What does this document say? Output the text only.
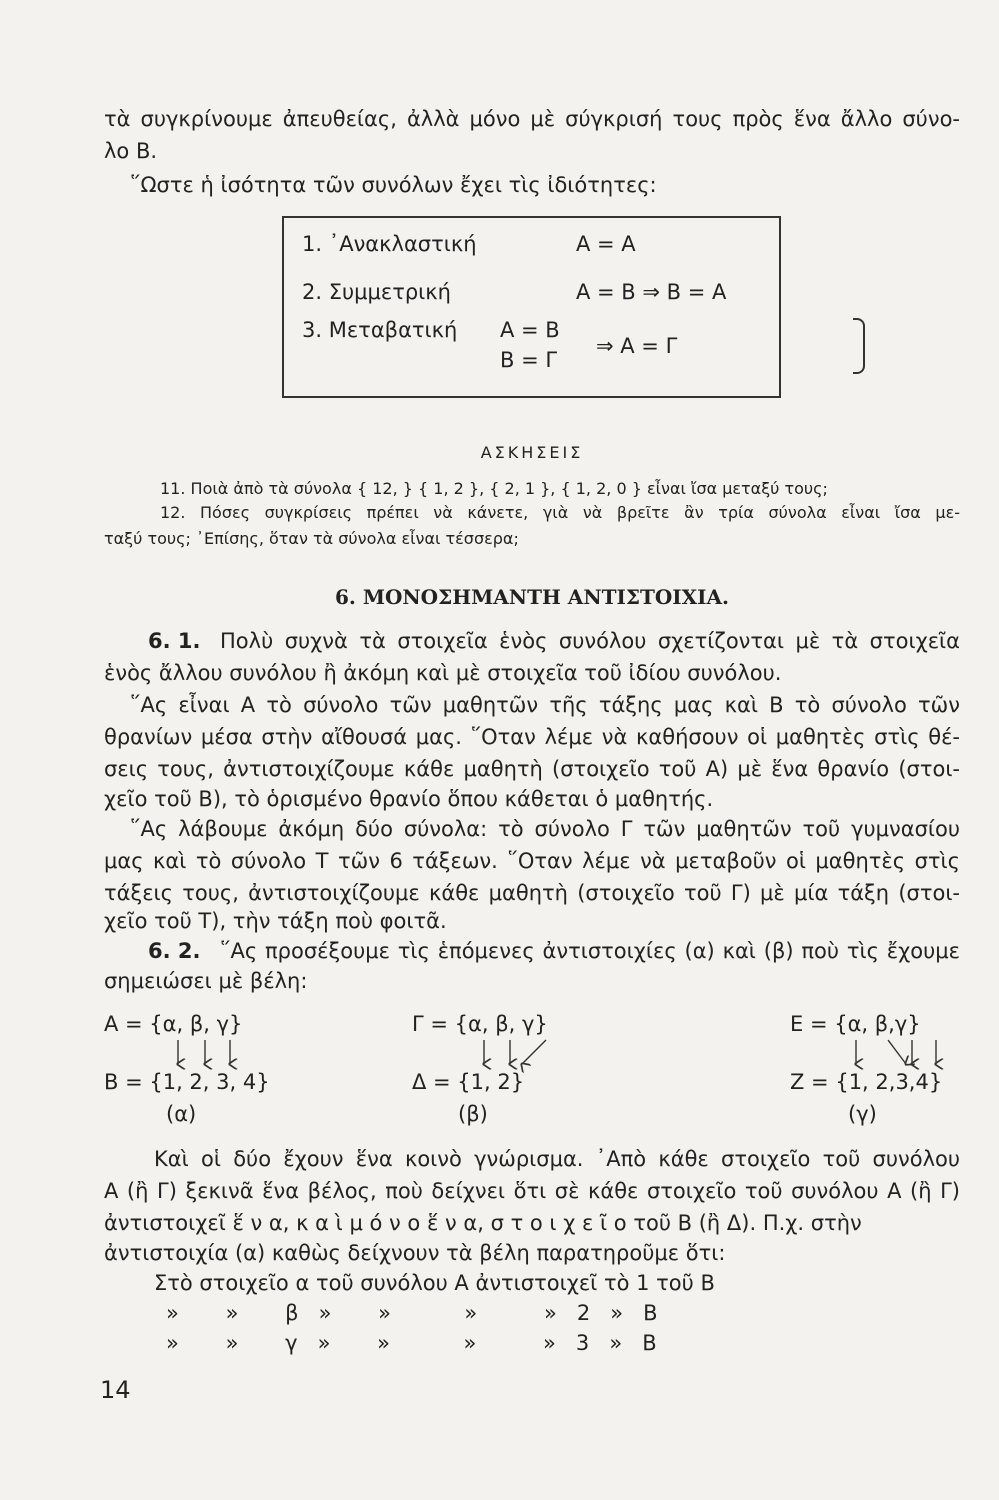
τὰ συγκρίνουμε ἀπευθείας, ἀλλὰ μόνο μὲ σύγκρισή τους πρὸς ἕνα ἄλλο σύνο-
λο Β.
῞Ωστε ἡ ἰσότητα τῶν συνόλων ἔχει τὶς ἰδιότητες:
1. ᾿Ανακλαστική	Α = Α
2. Συμμετρική	Α = Β ⇒ Β = Α
3. Μεταβατική Α = Β
Β = Γ
⇒ Α = Γ
ΑΣΚΗΣΕΙΣ
11. Ποιὰ ἀπὸ τὰ σύνολα { 12, } { 1, 2 }, { 2, 1 }, { 1, 2, 0 } εἶναι ἴσα μεταξύ τους;
12. Πόσες συγκρίσεις πρέπει νὰ κάνετε, γιὰ νὰ βρεῖτε ἂν τρία σύνολα εἶναι ἴσα με-
ταξύ τους; ᾿Επίσης, ὅταν τὰ σύνολα εἶναι τέσσερα;
6. ΜΟΝΟΣΗΜΑΝΤΗ ΑΝΤΙΣΤΟΙΧΙΑ.
6. 1. Πολὺ συχνὰ τὰ στοιχεῖα ἑνὸς συνόλου σχετίζονται μὲ τὰ στοιχεῖα
ἑνὸς ἄλλου συνόλου ἢ ἀκόμη καὶ μὲ στοιχεῖα τοῦ ἰδίου συνόλου.
῞Ας εἶναι Α τὸ σύνολο τῶν μαθητῶν τῆς τάξης μας καὶ Β τὸ σύνολο τῶν
θρανίων μέσα στὴν αἴθουσά μας. ῞Οταν λέμε νὰ καθήσουν οἱ μαθητὲς στὶς θέ-
σεις τους, ἀντιστοιχίζουμε κάθε μαθητὴ (στοιχεῖο τοῦ Α) μὲ ἕνα θρανίο (στοι-
χεῖο τοῦ Β), τὸ ὁρισμένο θρανίο ὅπου κάθεται ὁ μαθητής.
῞Ας λάβουμε ἀκόμη δύο σύνολα: τὸ σύνολο Γ τῶν μαθητῶν τοῦ γυμνασίου
μας καὶ τὸ σύνολο Τ τῶν 6 τάξεων. ῞Οταν λέμε νὰ μεταβοῦν οἱ μαθητὲς στὶς
τάξεις τους, ἀντιστοιχίζουμε κάθε μαθητὴ (στοιχεῖο τοῦ Γ) μὲ μία τάξη (στοι-
χεῖο τοῦ Τ), τὴν τάξη ποὺ φοιτᾶ.
6. 2. ῞Ας προσέξουμε τὶς ἑπόμενες ἀντιστοιχίες (α) καὶ (β) ποὺ τὶς ἔχουμε
σημειώσει μὲ βέλη:
Α = {α, β, γ}
Β = {1, 2, 3, 4}
(α)
Γ = {α, β, γ}
Δ = {1, 2}
(β)
Ε = {α, β,γ}
Ζ = {1, 2,3,4}
(γ)
Καὶ οἱ δύο ἔχουν ἕνα κοινὸ γνώρισμα. ᾿Απὸ κάθε στοιχεῖο τοῦ συνόλου
Α (ἢ Γ) ξεκινᾶ ἕνα βέλος, ποὺ δείχνει ὅτι σὲ κάθε στοιχεῖο τοῦ συνόλου Α (ἢ Γ)
ἀντιστοιχεῖ ἕ ν α, κ α ὶ μ ό ν ο ἕ ν α, σ τ ο ι χ ε ῖ ο τοῦ Β (ἢ Δ). Π.χ. στὴν
ἀντιστοιχία (α) καθὼς δείχνουν τὰ βέλη παρατηροῦμε ὅτι:
Στὸ στοιχεῖο α τοῦ συνόλου Α ἀντιστοιχεῖ τὸ 1 τοῦ Β
»       »       β   »       »           »          »   2   »   Β
»       »       γ   »       »           »          »   3   »   Β
14
